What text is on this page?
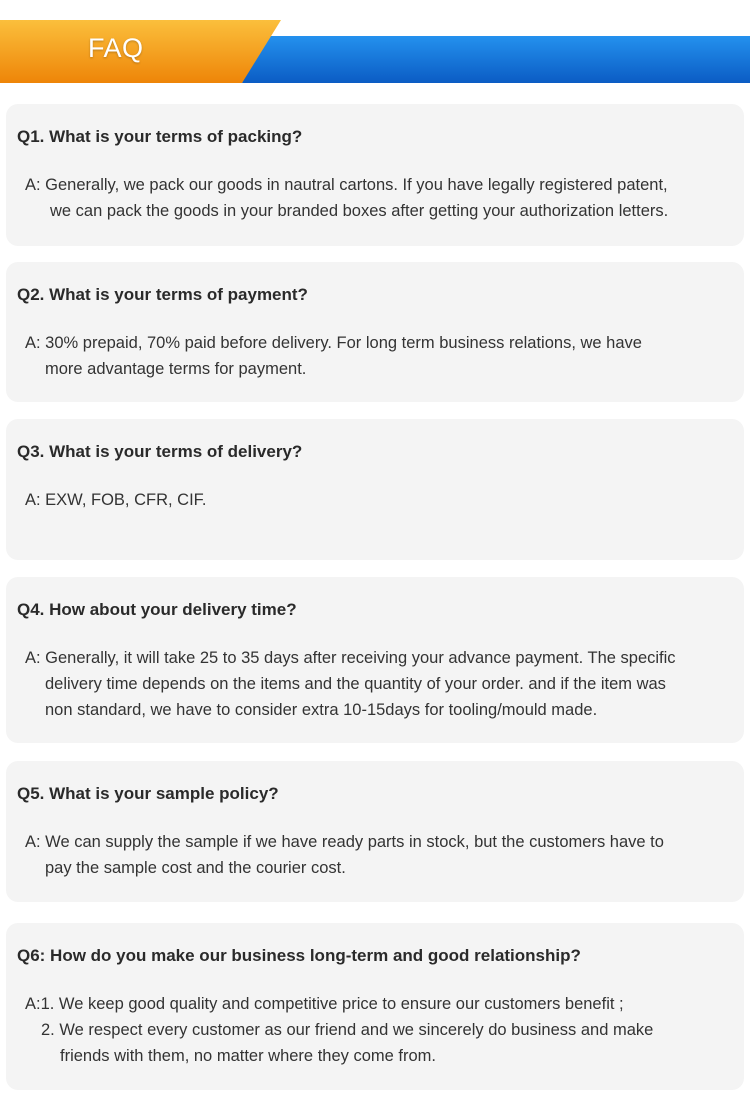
FAQ
Q1. What is your terms of packing?
A: Generally, we pack our goods in nautral cartons. If you have legally registered patent,
we can pack the goods in your branded boxes after getting your authorization letters.
Q2. What is your terms of payment?
A: 30% prepaid, 70% paid before delivery. For long term business relations, we have
more advantage terms for payment.
Q3. What is your terms of delivery?
A: EXW, FOB, CFR, CIF.
Q4. How about your delivery time?
A: Generally, it will take 25 to 35 days after receiving your advance payment. The specific
delivery time depends on the items and the quantity of your order. and if the item was
non standard, we have to consider extra 10-15days for tooling/mould made.
Q5. What is your sample policy?
A: We can supply the sample if we have ready parts in stock, but the customers have to
pay the sample cost and the courier cost.
Q6: How do you make our business long-term and good relationship?
A:1. We keep good quality and competitive price to ensure our customers benefit ;
2. We respect every customer as our friend and we sincerely do business and make
friends with them, no matter where they come from.
